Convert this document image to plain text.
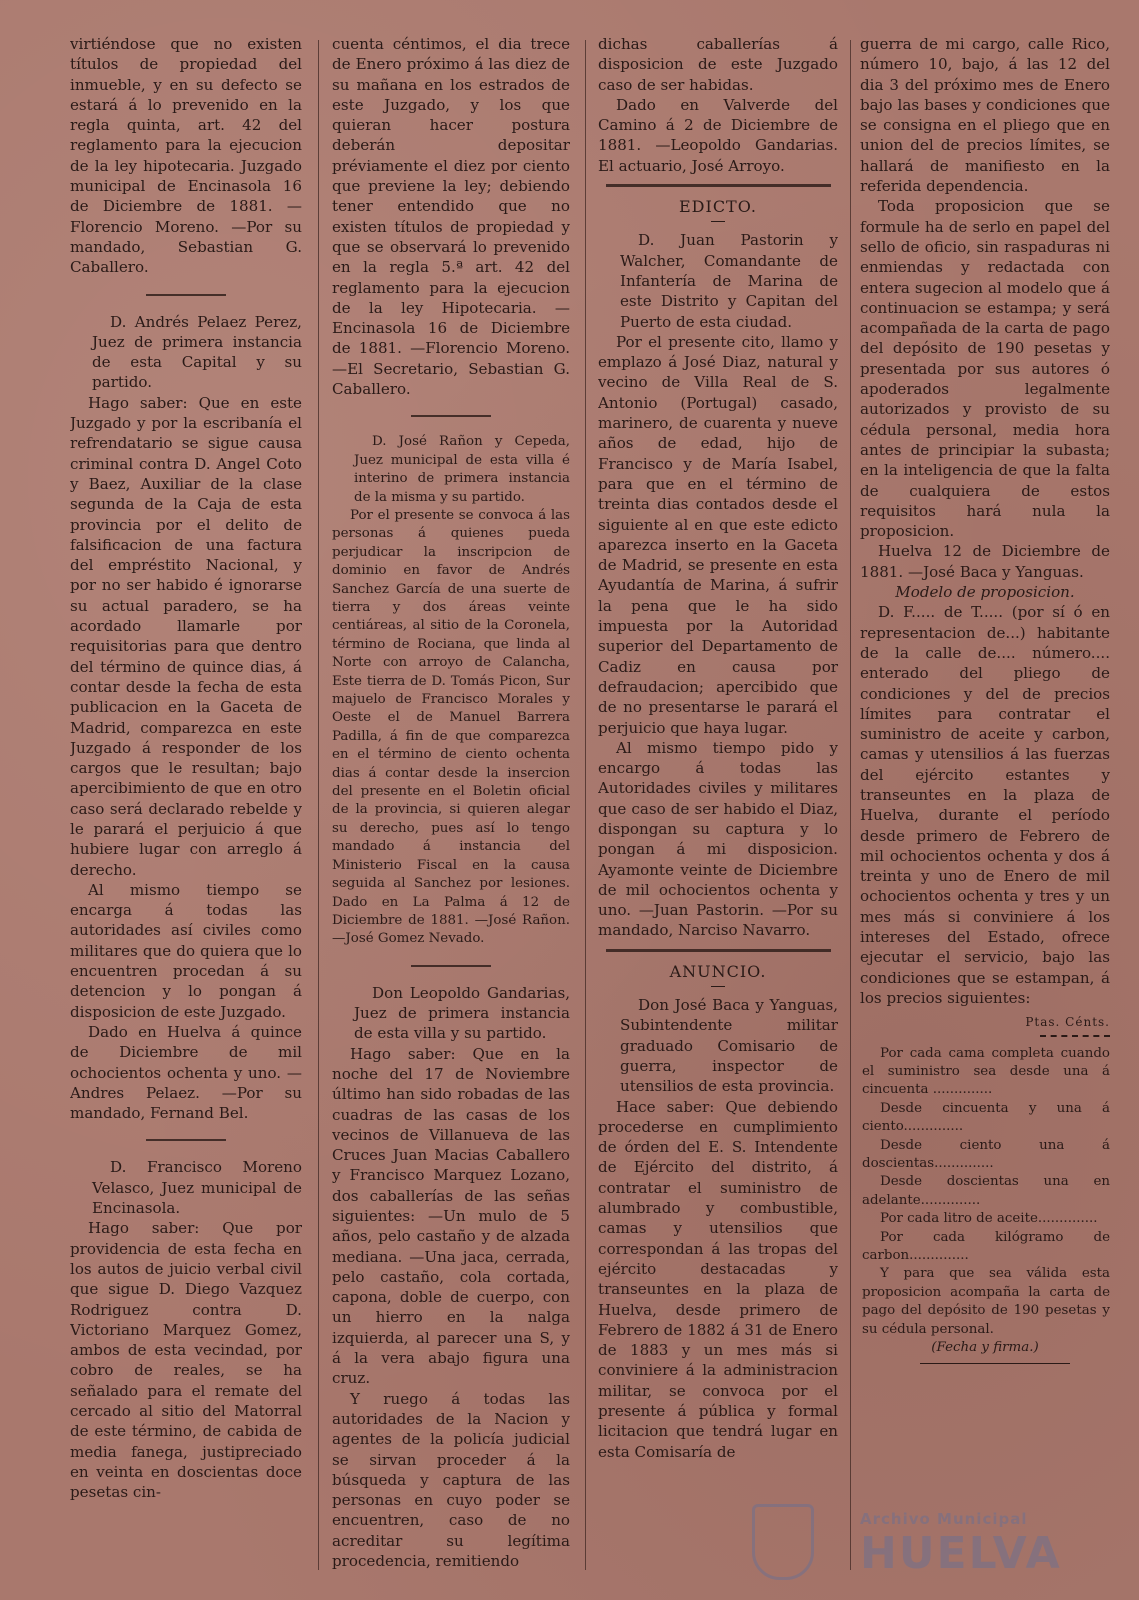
virtiéndose que no existen títulos de propiedad del inmueble, y en su defecto se estará á lo prevenido en la regla quinta, art. 42 del reglamento para la ejecucion de la ley hipotecaria. Juzgado municipal de Encinasola 16 de Diciembre de 1881. —Florencio Moreno. —Por su mandado, Sebastian G. Caballero.

D. Andrés Pelaez Perez, Juez de primera instancia de esta Capital y su partido.

Hago saber: Que en este Juzgado y por la escribanía el refrendatario se sigue causa criminal contra D. Angel Coto y Baez, Auxiliar de la clase segunda de la Caja de esta provincia por el delito de falsificacion de una factura del empréstito Nacional, y por no ser habido é ignorarse su actual paradero, se ha acordado llamarle por requisitorias para que dentro del término de quince dias, á contar desde la fecha de esta publicacion en la Gaceta de Madrid, comparezca en este Juzgado á responder de los cargos que le resultan; bajo apercibimiento de que en otro caso será declarado rebelde y le parará el perjuicio á que hubiere lugar con arreglo á derecho.

Al mismo tiempo se encarga á todas las autoridades así civiles como militares que do quiera que lo encuentren procedan á su detencion y lo pongan á disposicion de este Juzgado.

Dado en Huelva á quince de Diciembre de mil ochocientos ochenta y uno. —Andres Pelaez. —Por su mandado, Fernand Bel.

D. Francisco Moreno Velasco, Juez municipal de Encinasola.

Hago saber: Que por providencia de esta fecha en los autos de juicio verbal civil que sigue D. Diego Vazquez Rodriguez contra D. Victoriano Marquez Gomez, ambos de esta vecindad, por cobro de reales, se ha señalado para el remate del cercado al sitio del Matorral de este término, de cabida de media fanega, justipreciado en veinta en doscientas doce pesetas cin-

cuenta céntimos, el dia trece de Enero próximo á las diez de su mañana en los estrados de este Juzgado, y los que quieran hacer postura deberán depositar préviamente el diez por ciento que previene la ley; debiendo tener entendido que no existen títulos de propiedad y que se observará lo prevenido en la regla 5.ª art. 42 del reglamento para la ejecucion de la ley Hipotecaria. —Encinasola 16 de Diciembre de 1881. —Florencio Moreno. —El Secretario, Sebastian G. Caballero.

D. José Rañon y Cepeda, Juez municipal de esta villa é interino de primera instancia de la misma y su partido.

Por el presente se convoca á las personas á quienes pueda perjudicar la inscripcion de dominio en favor de Andrés Sanchez García de una suerte de tierra y dos áreas veinte centiáreas, al sitio de la Coronela, término de Rociana, que linda al Norte con arroyo de Calancha, Este tierra de D. Tomás Picon, Sur majuelo de Francisco Morales y Oeste el de Manuel Barrera Padilla, á fin de que comparezca en el término de ciento ochenta dias á contar desde la insercion del presente en el Boletin oficial de la provincia, si quieren alegar su derecho, pues así lo tengo mandado á instancia del Ministerio Fiscal en la causa seguida al Sanchez por lesiones. Dado en La Palma á 12 de Diciembre de 1881. —José Rañon. —José Gomez Nevado.

Don Leopoldo Gandarias, Juez de primera instancia de esta villa y su partido.

Hago saber: Que en la noche del 17 de Noviembre último han sido robadas de las cuadras de las casas de los vecinos de Villanueva de las Cruces Juan Macias Caballero y Francisco Marquez Lozano, dos caballerías de las señas siguientes: —Un mulo de 5 años, pelo castaño y de alzada mediana. —Una jaca, cerrada, pelo castaño, cola cortada, capona, doble de cuerpo, con un hierro en la nalga izquierda, al parecer una S, y á la vera abajo figura una cruz.

Y ruego á todas las autoridades de la Nacion y agentes de la policía judicial se sirvan proceder á la búsqueda y captura de las personas en cuyo poder se encuentren, caso de no acreditar su legítima procedencia, remitiendo

dichas caballerías á disposicion de este Juzgado caso de ser habidas.

Dado en Valverde del Camino á 2 de Diciembre de 1881. —Leopoldo Gandarias. El actuario, José Arroyo.

EDICTO.

D. Juan Pastorin y Walcher, Comandante de Infantería de Marina de este Distrito y Capitan del Puerto de esta ciudad.

Por el presente cito, llamo y emplazo á José Diaz, natural y vecino de Villa Real de S. Antonio (Portugal) casado, marinero, de cuarenta y nueve años de edad, hijo de Francisco y de María Isabel, para que en el término de treinta dias contados desde el siguiente al en que este edicto aparezca inserto en la Gaceta de Madrid, se presente en esta Ayudantía de Marina, á sufrir la pena que le ha sido impuesta por la Autoridad superior del Departamento de Cadiz en causa por defraudacion; apercibido que de no presentarse le parará el perjuicio que haya lugar.

Al mismo tiempo pido y encargo á todas las Autoridades civiles y militares que caso de ser habido el Diaz, dispongan su captura y lo pongan á mi disposicion. Ayamonte veinte de Diciembre de mil ochocientos ochenta y uno. —Juan Pastorin. —Por su mandado, Narciso Navarro.

ANUNCIO.

Don José Baca y Yanguas, Subintendente militar graduado Comisario de guerra, inspector de utensilios de esta provincia.

Hace saber: Que debiendo procederse en cumplimiento de órden del E. S. Intendente de Ejército del distrito, á contratar el suministro de alumbrado y combustible, camas y utensilios que correspondan á las tropas del ejército destacadas y transeuntes en la plaza de Huelva, desde primero de Febrero de 1882 á 31 de Enero de 1883 y un mes más si conviniere á la administracion militar, se convoca por el presente á pública y formal licitacion que tendrá lugar en esta Comisaría de

guerra de mi cargo, calle Rico, número 10, bajo, á las 12 del dia 3 del próximo mes de Enero bajo las bases y condiciones que se consigna en el pliego que en union del de precios límites, se hallará de manifiesto en la referida dependencia.

Toda proposicion que se formule ha de serlo en papel del sello de oficio, sin raspaduras ni enmiendas y redactada con entera sugecion al modelo que á continuacion se estampa; y será acompañada de la carta de pago del depósito de 190 pesetas y presentada por sus autores ó apoderados legalmente autorizados y provisto de su cédula personal, media hora antes de principiar la subasta; en la inteligencia de que la falta de cualquiera de estos requisitos hará nula la proposicion.

Huelva 12 de Diciembre de 1881. —José Baca y Yanguas.

Modelo de proposicion.

D. F..... de T..... (por sí ó en representacion de...) habitante de la calle de.... número.... enterado del pliego de condiciones y del de precios límites para contratar el suministro de aceite y carbon, camas y utensilios á las fuerzas del ejército estantes y transeuntes en la plaza de Huelva, durante el período desde primero de Febrero de mil ochocientos ochenta y dos á treinta y uno de Enero de mil ochocientos ochenta y tres y un mes más si conviniere á los intereses del Estado, ofrece ejecutar el servicio, bajo las condiciones que se estampan, á los precios siguientes:

Ptas. Cénts.

Por cada cama completa cuando el suministro sea desde una á cincuenta ..............

Desde cincuenta y una á ciento..............

Desde ciento una á doscientas..............

Desde doscientas una en adelante..............

Por cada litro de aceite..............

Por cada kilógramo de carbon..............

Y para que sea válida esta proposicion acompaña la carta de pago del depósito de 190 pesetas y su cédula personal.

(Fecha y firma.)

Archivo Municipal
HUELVA
